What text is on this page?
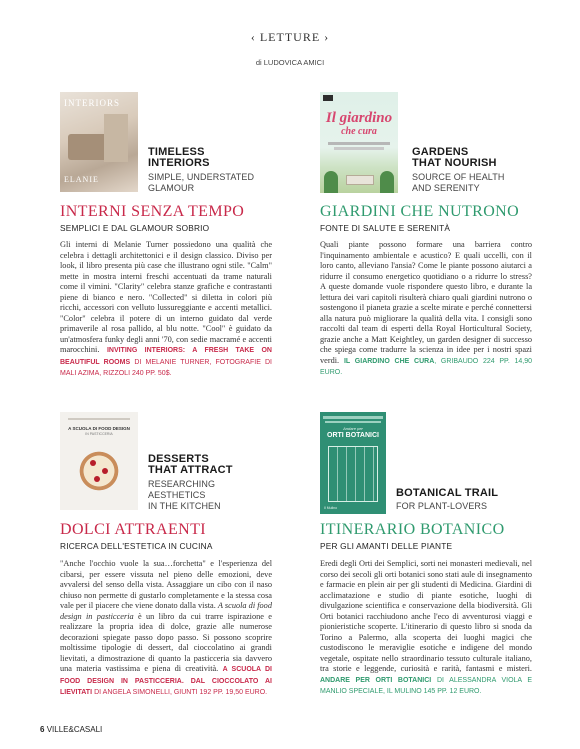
‹ LETTURE ›
di LUDOVICA AMICI
INTERIORS
ELANIE
TIMELESS
INTERIORS
SIMPLE, UNDERSTATED
GLAMOUR
INTERNI SENZA TEMPO
SEMPLICI E DAL GLAMOUR SOBRIO
Gli interni di Melanie Turner possiedono una qualità che celebra i dettagli architettonici e il design classico. Diviso per look, il libro presenta più case che illustrano ogni stile. "Calm" mette in mostra interni freschi accentuati da trame naturali come il vimini. "Clarity" celebra stanze grafiche e contrastanti piene di bianco e nero. "Collected" si diletta in colori più ricchi, accessori con velluto lussureggiante e accenti metallici. "Color" celebra il potere di un interno guidato dal verde primaverile al rosa pallido, al blu notte. "Cool" è guidato da un'atmosfera funky degli anni '70, con sedie macramé e accenti marocchini. INVITING INTERIORS: A FRESH TAKE ON BEAUTIFUL ROOMS DI MELANIE TURNER, FOTOGRAFIE DI MALI AZIMA, RIZZOLI 240 PP. 50$.
Il giardino
che cura
GARDENS
THAT NOURISH
SOURCE OF HEALTH
AND SERENITY
GIARDINI CHE NUTRONO
FONTE DI SALUTE E SERENITÀ
Quali piante possono formare una barriera contro l'inquinamento ambientale e acustico? E quali uccelli, con il loro canto, alleviano l'ansia? Come le piante possono aiutarci a ridurre il consumo energetico quotidiano o a ridurre lo stress? A queste domande vuole rispondere questo libro, e durante la lettura dei vari capitoli risulterà chiaro quali giardini nutrono o sostengono il pianeta grazie a scelte mirate e perché connettersi alla natura può migliorare la qualità della vita. I consigli sono raccolti dal team di esperti della Royal Horticultural Society, grazie anche a Matt Keightley, un garden designer di successo che spiega come tradurre la scienza in idee per i nostri spazi verdi. IL GIARDINO CHE CURA, GRIBAUDO 224 PP. 14,90 EURO.
A SCUOLA DI FOOD DESIGN
IN PASTICCERIA
DESSERTS
THAT ATTRACT
RESEARCHING
AESTHETICS
IN THE KITCHEN
DOLCI ATTRAENTI
RICERCA DELL'ESTETICA IN CUCINA
"Anche l'occhio vuole la sua…forchetta" e l'esperienza del cibarsi, per essere vissuta nel pieno delle emozioni, deve avvalersi del senso della vista. Assaggiare un cibo con il naso chiuso non permette di gustarlo completamente e la stessa cosa vale per il piacere che viene donato dalla vista. A scuola di food design in pasticceria è un libro da cui trarre ispirazione e realizzare la propria idea di dolce, grazie alle numerose decorazioni spiegate passo dopo passo. Si possono scoprire moltissime tipologie di dessert, dal cioccolatino ai grandi lievitati, a dimostrazione di quanto la pasticceria sia davvero una materia vastissima e piena di creatività. A SCUOLA DI FOOD DESIGN IN PASTICCERIA. DAL CIOCCOLATO AI LIEVITATI DI ANGELA SIMONELLI, GIUNTI 192 PP. 19,50 EURO.
Andare per
ORTI BOTANICI
Il Mulino
BOTANICAL TRAIL
FOR PLANT-LOVERS
ITINERARIO BOTANICO
PER GLI AMANTI DELLE PIANTE
Eredi degli Orti dei Semplici, sorti nei monasteri medievali, nel corso dei secoli gli orti botanici sono stati aule di insegnamento e farmacie en plein air per gli studenti di Medicina. Giardini di acclimatazione e studio di piante esotiche, luoghi di divulgazione scientifica e conservazione della biodiversità. Gli Orti botanici racchiudono anche l'eco di avventurosi viaggi e pionieristiche scoperte. L'itinerario di questo libro si snoda da Torino a Palermo, alla scoperta dei luoghi magici che custodiscono le meraviglie esotiche e indigene del mondo vegetale, ospitate nello straordinario tessuto culturale italiano, tra storie e leggende, curiosità e rarità, fantasmi e misteri. ANDARE PER ORTI BOTANICI DI ALESSANDRA VIOLA E MANLIO SPECIALE, IL MULINO 145 PP. 12 EURO.
6 VILLE&CASALI
